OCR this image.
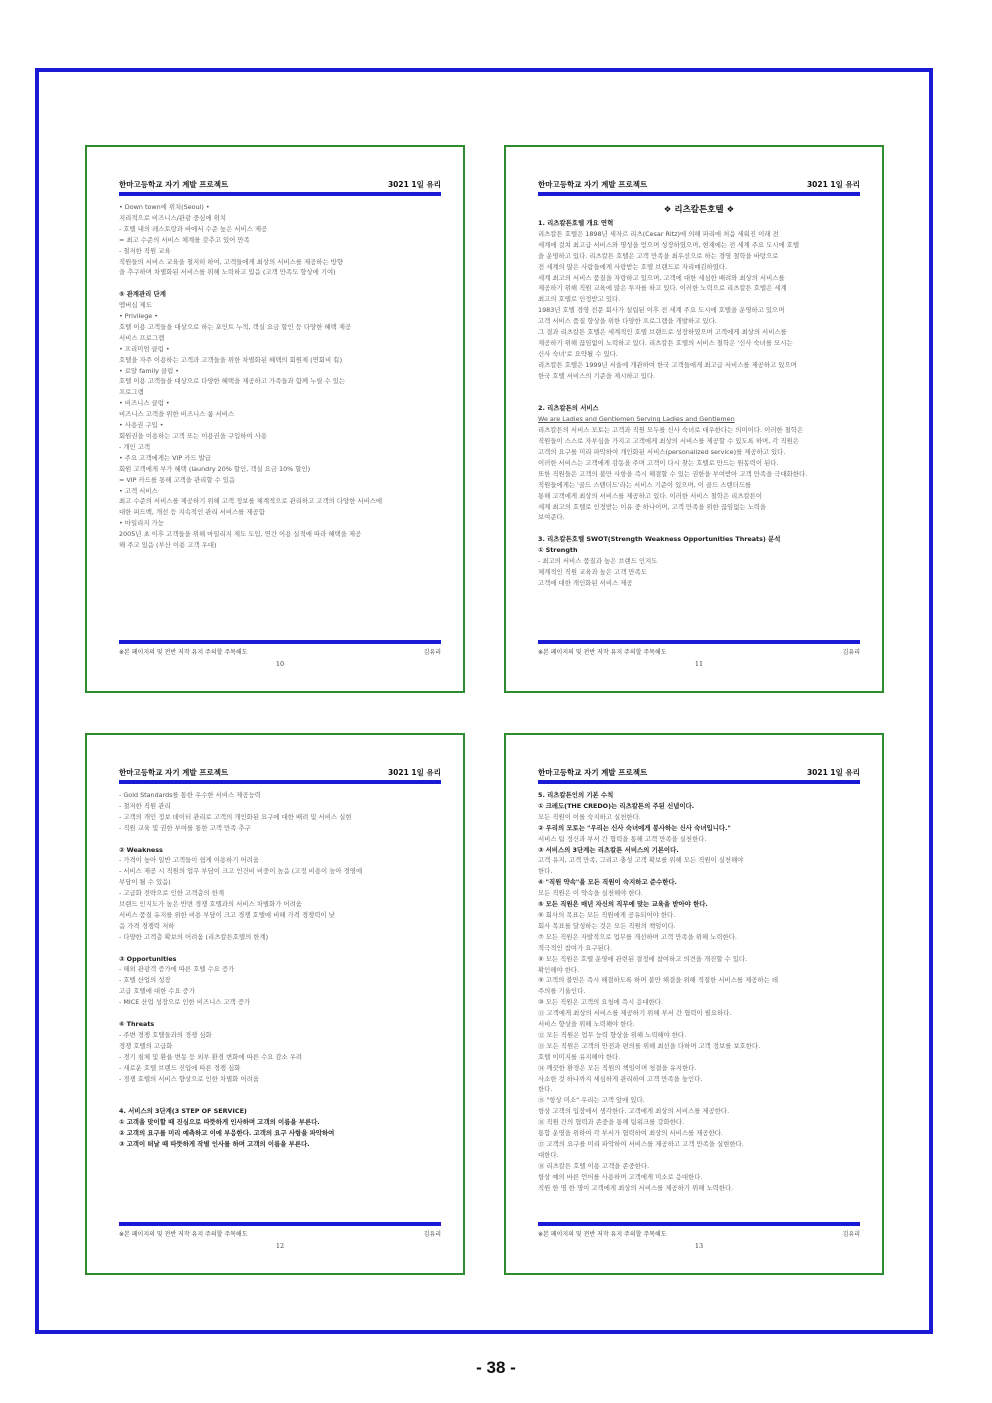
한마고등학교 자기 계발 프로젝트	3021 1일 유리
• Down town에 위치(Seoul) •
지리적으로 비즈니스/관광 중심에 위치
- 호텔 내의 레스토랑과 바에서 수준 높은 서비스 제공
= 최고 수준의 서비스 체계를 갖추고 있어 만족
- 철저한 직원 교육
직원들의 서비스 교육을 철저히 하여, 고객들에게 최상의 서비스를 제공하는 방향
을 추구하며 차별화된 서비스를 위해 노력하고 있음 (고객 만족도 향상에 기여)
⑤ 관계관리 단계
멤버십 제도
• Privilege •
호텔 이용 고객들을 대상으로 하는 포인트 누적, 객실 요금 할인 등 다양한 혜택 제공
서비스 프로그램
• 프리미엄 클럽 •
호텔을 자주 이용하는 고객과 고객들을 위한 차별화된 혜택의 회원제 (연회비 有)
• 로얄 family 클럽 •
호텔 이용 고객들을 대상으로 다양한 혜택을 제공하고 가족들과 함께 누릴 수 있는
프로그램
• 비즈니스 클럽 •
비즈니스 고객을 위한 비즈니스 룸 서비스
• 사용권 구입 •
회원권을 이용하는 고객 또는 이용권을 구입하여 사용
- 개인 고객
• 주요 고객에게는 VIP 카드 발급
회원 고객에게 부가 혜택 (laundry 20% 할인, 객실 요금 10% 할인)
= VIP 카드를 통해 고객을 관리할 수 있음
• 고객 서비스
최고 수준의 서비스를 제공하기 위해 고객 정보를 체계적으로 관리하고 고객의 다양한 서비스에
대한 피드백, 개선 등 지속적인 관리 서비스를 제공함
• 마일리지 가능
2005년 초 이후 고객들을 위해 마일리지 제도 도입, 연간 이용 실적에 따라 혜택을 제공
해 주고 있음 (부산 이용 고객 우대)
※본 페이지의 및 전반 저작 유지 주의할 주목해도	김유리
10
한마고등학교 자기 계발 프로젝트	3021 1일 유리
❖ 리츠칼튼호텔 ❖
1. 리츠칼튼호텔 개요 연혁
리츠칼튼 호텔은 1898년 세자르 리츠(Cesar Ritz)에 의해 파리에 처음 세워진 이래 전
세계에 걸쳐 최고급 서비스와 명성을 얻으며 성장하였으며, 현재에는 전 세계 주요 도시에 호텔
을 운영하고 있다. 리츠칼튼 호텔은 고객 만족을 최우선으로 하는 경영 철학을 바탕으로
전 세계의 많은 사람들에게 사랑받는 호텔 브랜드로 자리매김하였다.
세계 최고의 서비스 품질을 자랑하고 있으며, 고객에 대한 세심한 배려와 최상의 서비스를
제공하기 위해 직원 교육에 많은 투자를 하고 있다. 이러한 노력으로 리츠칼튼 호텔은 세계
최고의 호텔로 인정받고 있다.
1983년 호텔 경영 전문 회사가 설립된 이후 전 세계 주요 도시에 호텔을 운영하고 있으며
고객 서비스 품질 향상을 위한 다양한 프로그램을 개발하고 있다.
그 결과 리츠칼튼 호텔은 세계적인 호텔 브랜드로 성장하였으며 고객에게 최상의 서비스를
제공하기 위해 끊임없이 노력하고 있다. 리츠칼튼 호텔의 서비스 철학은 '신사 숙녀를 모시는
신사 숙녀'로 요약될 수 있다.
리츠칼튼 호텔은 1999년 서울에 개관하여 한국 고객들에게 최고급 서비스를 제공하고 있으며
한국 호텔 서비스의 기준을 제시하고 있다.
2. 리츠칼튼의 서비스
We are Ladies and Gentlemen Serving Ladies and Gentlemen
리츠칼튼의 서비스 모토는 고객과 직원 모두를 신사 숙녀로 대우한다는 의미이다. 이러한 철학은
직원들이 스스로 자부심을 가지고 고객에게 최상의 서비스를 제공할 수 있도록 하며, 각 직원은
고객의 요구를 미리 파악하여 개인화된 서비스(personalized service)를 제공하고 있다.
이러한 서비스는 고객에게 감동을 주며 고객이 다시 찾는 호텔로 만드는 원동력이 된다.
또한 직원들은 고객의 불만 사항을 즉시 해결할 수 있는 권한을 부여받아 고객 만족을 극대화한다.
직원들에게는 '골드 스탠더드'라는 서비스 기준이 있으며, 이 골드 스탠더드를
통해 고객에게 최상의 서비스를 제공하고 있다. 이러한 서비스 철학은 리츠칼튼이
세계 최고의 호텔로 인정받는 이유 중 하나이며, 고객 만족을 위한 끊임없는 노력을
보여준다.
3. 리츠칼튼호텔 SWOT(Strength Weakness Opportunities Threats) 분석
① Strength
- 최고의 서비스 품질과 높은 브랜드 인지도
체계적인 직원 교육과 높은 고객 만족도
고객에 대한 개인화된 서비스 제공
※본 페이지의 및 전반 저작 유지 주의할 주목해도	김유리
11
한마고등학교 자기 계발 프로젝트	3021 1일 유리
- Gold Standards를 통한 우수한 서비스 제공능력
- 철저한 직원 관리
- 고객의 개인 정보 데이터 관리로 고객의 개인화된 요구에 대한 배려 및 서비스 실현
- 직원 교육 및 권한 부여를 통한 고객 만족 추구
② Weakness
- 가격이 높아 일반 고객들이 쉽게 이용하기 어려움
- 서비스 제공 시 직원의 업무 부담이 크고 인건비 비중이 높음 (고정 비용이 높아 경영에
부담이 될 수 있음)
- 고급화 전략으로 인한 고객층의 한계
브랜드 인지도가 높은 반면 경쟁 호텔과의 서비스 차별화가 어려움
서비스 품질 유지를 위한 비용 부담이 크고 경쟁 호텔에 비해 가격 경쟁력이 낮
음 가격 경쟁력 저하
- 다양한 고객층 확보의 어려움 (리츠칼튼호텔의 한계)
③ Opportunities
- 해외 관광객 증가에 따른 호텔 수요 증가
- 호텔 산업의 성장
고급 호텔에 대한 수요 증가
- MICE 산업 성장으로 인한 비즈니스 고객 증가
④ Threats
- 주변 경쟁 호텔들과의 경쟁 심화
경쟁 호텔의 고급화
- 경기 침체 및 환율 변동 등 외부 환경 변화에 따른 수요 감소 우려
- 새로운 호텔 브랜드 진입에 따른 경쟁 심화
- 경쟁 호텔의 서비스 향상으로 인한 차별화 어려움
4. 서비스의 3단계(3 STEP OF SERVICE)
① 고객을 맞이할 때 진심으로 따뜻하게 인사하며 고객의 이름을 부른다.
② 고객의 요구를 미리 예측하고 이에 부응한다. 고객의 요구 사항을 파악하여
③ 고객이 떠날 때 따뜻하게 작별 인사를 하며 고객의 이름을 부른다.
※본 페이지의 및 전반 저작 유지 주의할 주목해도	김유리
12
한마고등학교 자기 계발 프로젝트	3021 1일 유리
5. 리츠칼튼인의 기본 수칙
① 크레도(THE CREDO)는 리츠칼튼의 주된 신념이다.
모든 직원이 이를 숙지하고 실천한다.
② 우리의 모토는 "우리는 신사 숙녀에게 봉사하는 신사 숙녀입니다."
서비스 팀 정신과 부서 간 협력을 통해 고객 만족을 실천한다.
③ 서비스의 3단계는 리츠칼튼 서비스의 기본이다.
고객 유지, 고객 만족, 그리고 충성 고객 확보를 위해 모든 직원이 실천해야
한다.
④ "직원 약속"을 모든 직원이 숙지하고 준수한다.
모든 직원은 이 약속을 실천해야 한다.
⑤ 모든 직원은 매년 자신의 직무에 맞는 교육을 받아야 한다.
⑥ 회사의 목표는 모든 직원에게 공유되어야 한다.
회사 목표를 달성하는 것은 모든 직원의 책임이다.
⑦ 모든 직원은 자발적으로 업무를 개선하며 고객 만족을 위해 노력한다.
적극적인 참여가 요구된다.
⑧ 모든 직원은 호텔 운영에 관련된 결정에 참여하고 의견을 개진할 수 있다.
확인해야 한다.
⑨ 고객의 불만은 즉시 해결하도록 하며 불만 해결을 위해 적절한 서비스를 제공하는 데
주의를 기울인다.
⑩ 모든 직원은 고객의 요청에 즉시 응대한다.
⑪ 고객에게 최상의 서비스를 제공하기 위해 부서 간 협력이 필요하다.
서비스 향상을 위해 노력해야 한다.
⑫ 모든 직원은 업무 능력 향상을 위해 노력해야 한다.
⑬ 모든 직원은 고객의 안전과 편의를 위해 최선을 다하며 고객 정보를 보호한다.
호텔 이미지를 유지해야 한다.
⑭ 깨끗한 환경은 모든 직원의 책임이며 청결을 유지한다.
사소한 것 하나까지 세심하게 관리하여 고객 만족을 높인다.
한다.
⑮ "항상 미소" 우리는 고객 앞에 있다.
항상 고객의 입장에서 생각한다. 고객에게 최상의 서비스를 제공한다.
⑯ 직원 간의 협력과 존중을 통해 팀워크를 강화한다.
통합 운영을 위하여 각 부서가 협력하여 최상의 서비스를 제공한다.
⑰ 고객의 요구를 미리 파악하여 서비스를 제공하고 고객 만족을 실현한다.
대한다.
⑱ 리츠칼튼 호텔 이용 고객을 존중한다.
항상 예의 바른 언어를 사용하며 고객에게 미소로 응대한다.
직원 한 명 한 명이 고객에게 최상의 서비스를 제공하기 위해 노력한다.
※본 페이지의 및 전반 저작 유지 주의할 주목해도	김유리
13
- 38 -
